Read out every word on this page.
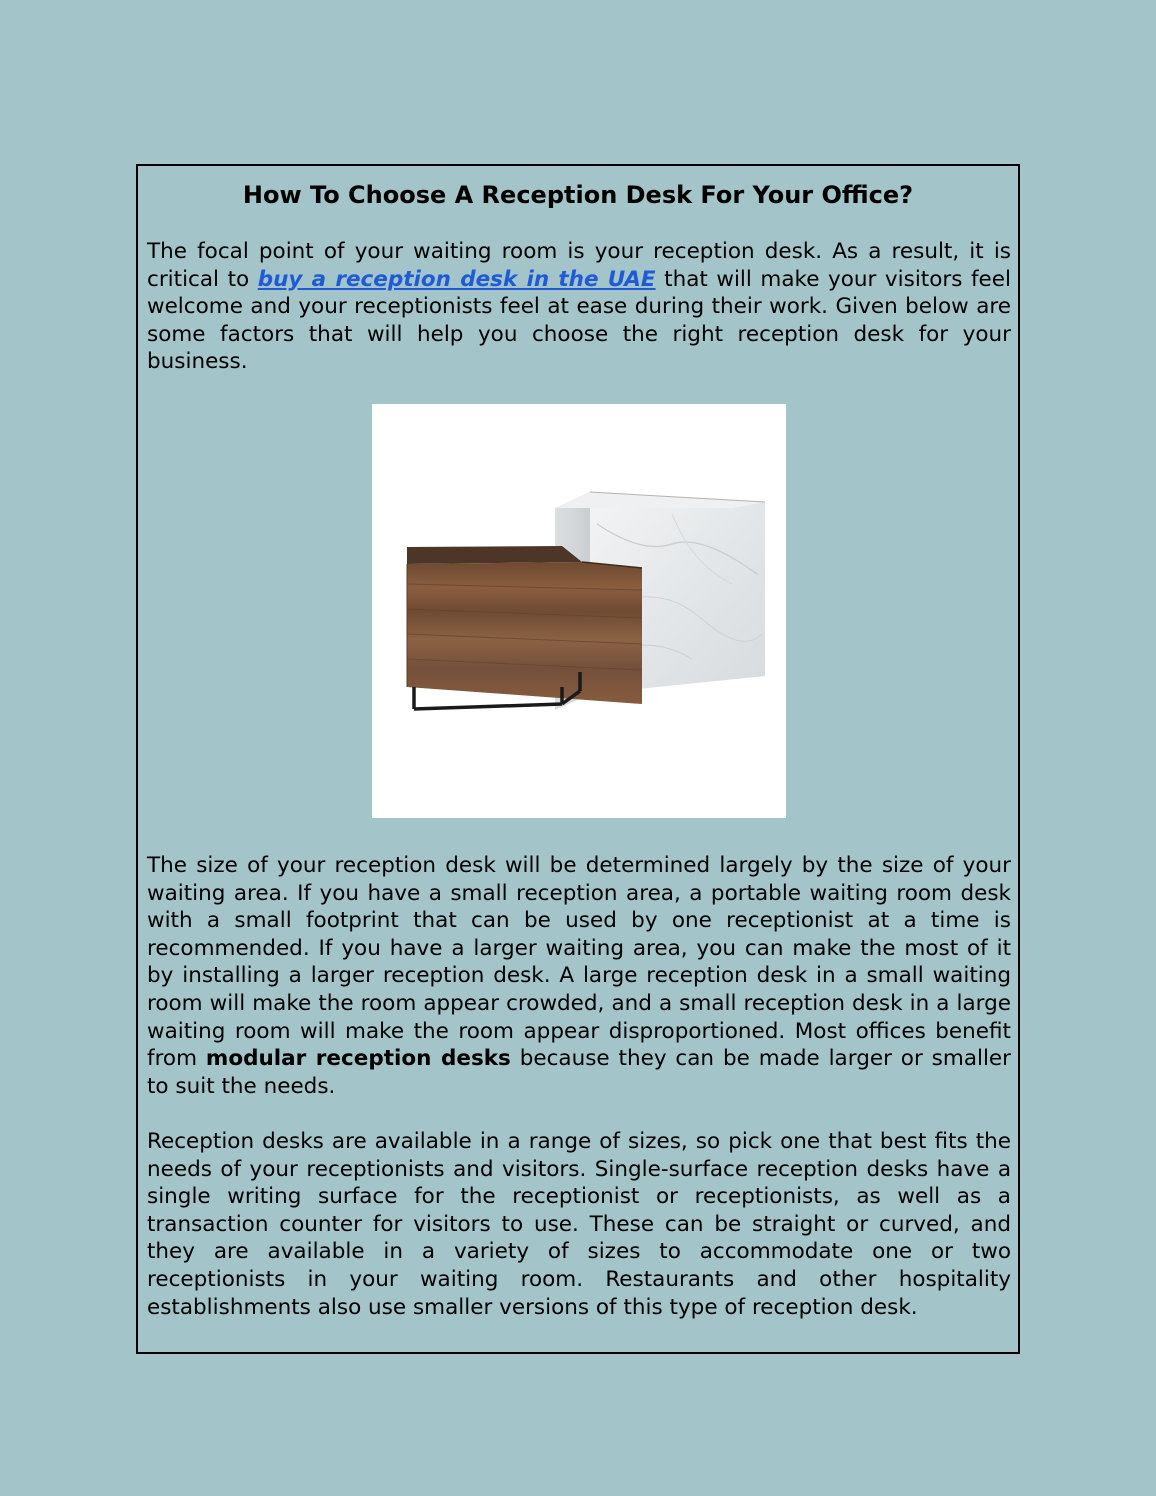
How To Choose A Reception Desk For Your Office?

The focal point of your waiting room is your reception desk. As a result, it is critical to buy a reception desk in the UAE that will make your visitors feel welcome and your receptionists feel at ease during their work. Given below are some factors that will help you choose the right reception desk for your business.

The size of your reception desk will be determined largely by the size of your waiting area. If you have a small reception area, a portable waiting room desk with a small footprint that can be used by one receptionist at a time is recommended. If you have a larger waiting area, you can make the most of it by installing a larger reception desk. A large reception desk in a small waiting room will make the room appear crowded, and a small reception desk in a large waiting room will make the room appear disproportioned. Most offices benefit from modular reception desks because they can be made larger or smaller to suit the needs.

Reception desks are available in a range of sizes, so pick one that best fits the needs of your receptionists and visitors. Single-surface reception desks have a single writing surface for the receptionist or receptionists, as well as a transaction counter for visitors to use. These can be straight or curved, and they are available in a variety of sizes to accommodate one or two receptionists in your waiting room. Restaurants and other hospitality establishments also use smaller versions of this type of reception desk.
